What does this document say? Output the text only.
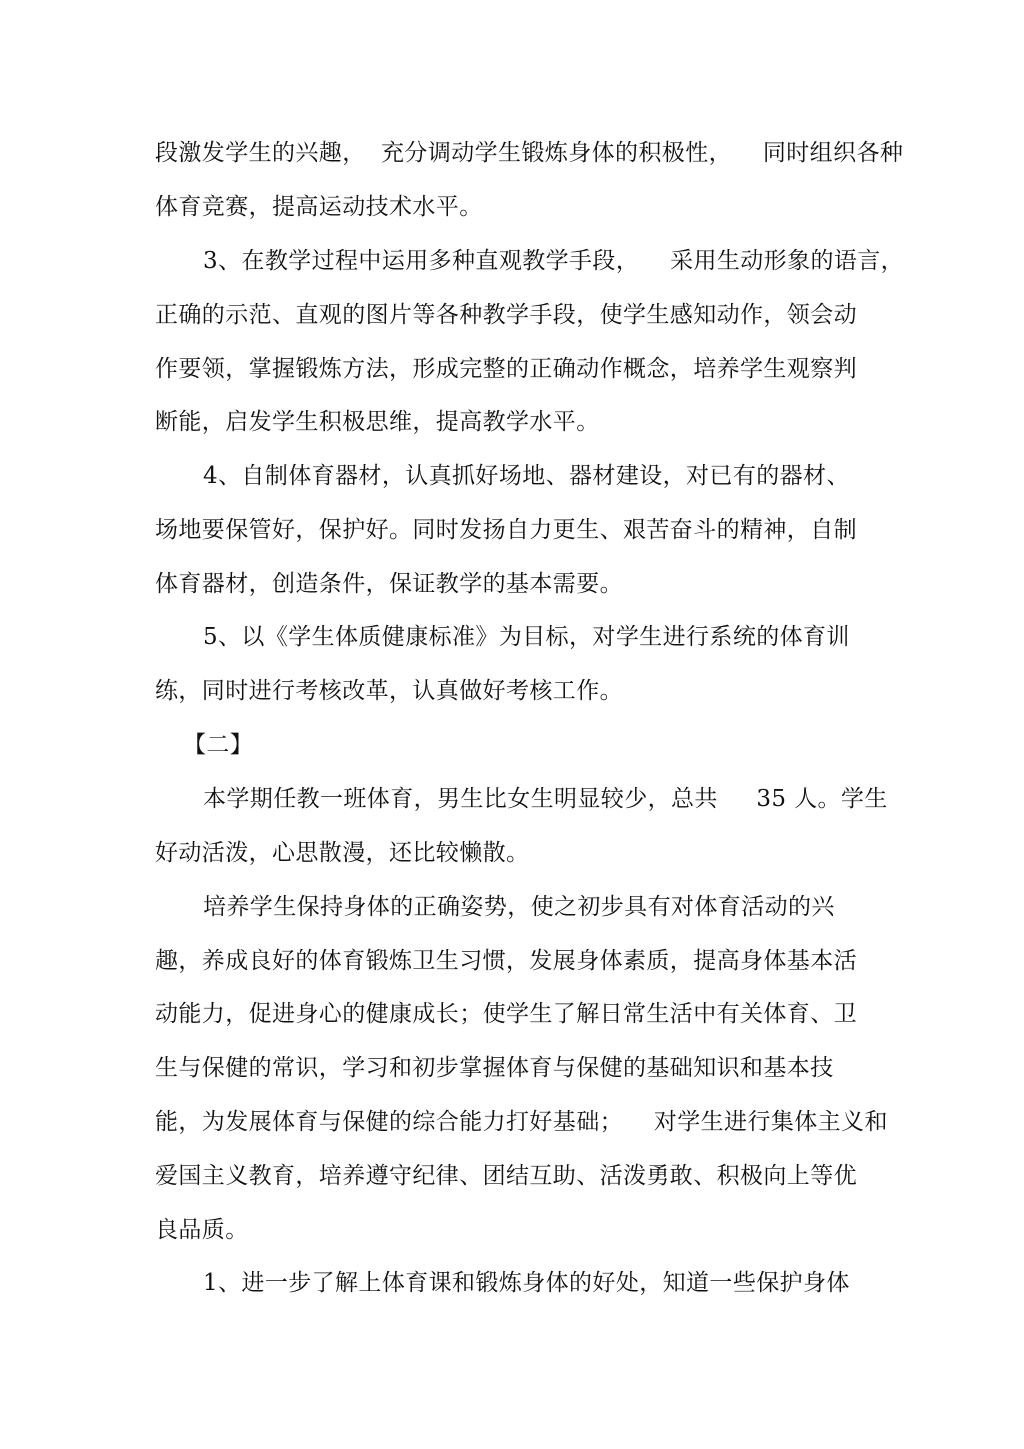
段激发学生的兴趣，  充分调动学生锻炼身体的积极性，    同时组织各种

体育竞赛，提高运动技术水平。

3、在教学过程中运用多种直观教学手段，    采用生动形象的语言，

正确的示范、直观的图片等各种教学手段，使学生感知动作，领会动

作要领，掌握锻炼方法，形成完整的正确动作概念，培养学生观察判

断能，启发学生积极思维，提高教学水平。

4、自制体育器材，认真抓好场地、器材建设，对已有的器材、

场地要保管好，保护好。同时发扬自力更生、艰苦奋斗的精神，自制

体育器材，创造条件，保证教学的基本需要。

5、以《学生体质健康标准》为目标，对学生进行系统的体育训

练，同时进行考核改革，认真做好考核工作。

【二】

本学期任教一班体育，男生比女生明显较少，总共     35 人。学生

好动活泼，心思散漫，还比较懒散。

培养学生保持身体的正确姿势，使之初步具有对体育活动的兴

趣，养成良好的体育锻炼卫生习惯，发展身体素质，提高身体基本活

动能力，促进身心的健康成长；使学生了解日常生活中有关体育、卫

生与保健的常识，学习和初步掌握体育与保健的基础知识和基本技

能，为发展体育与保健的综合能力打好基础；    对学生进行集体主义和

爱国主义教育，培养遵守纪律、团结互助、活泼勇敢、积极向上等优

良品质。

1、进一步了解上体育课和锻炼身体的好处，知道一些保护身体
